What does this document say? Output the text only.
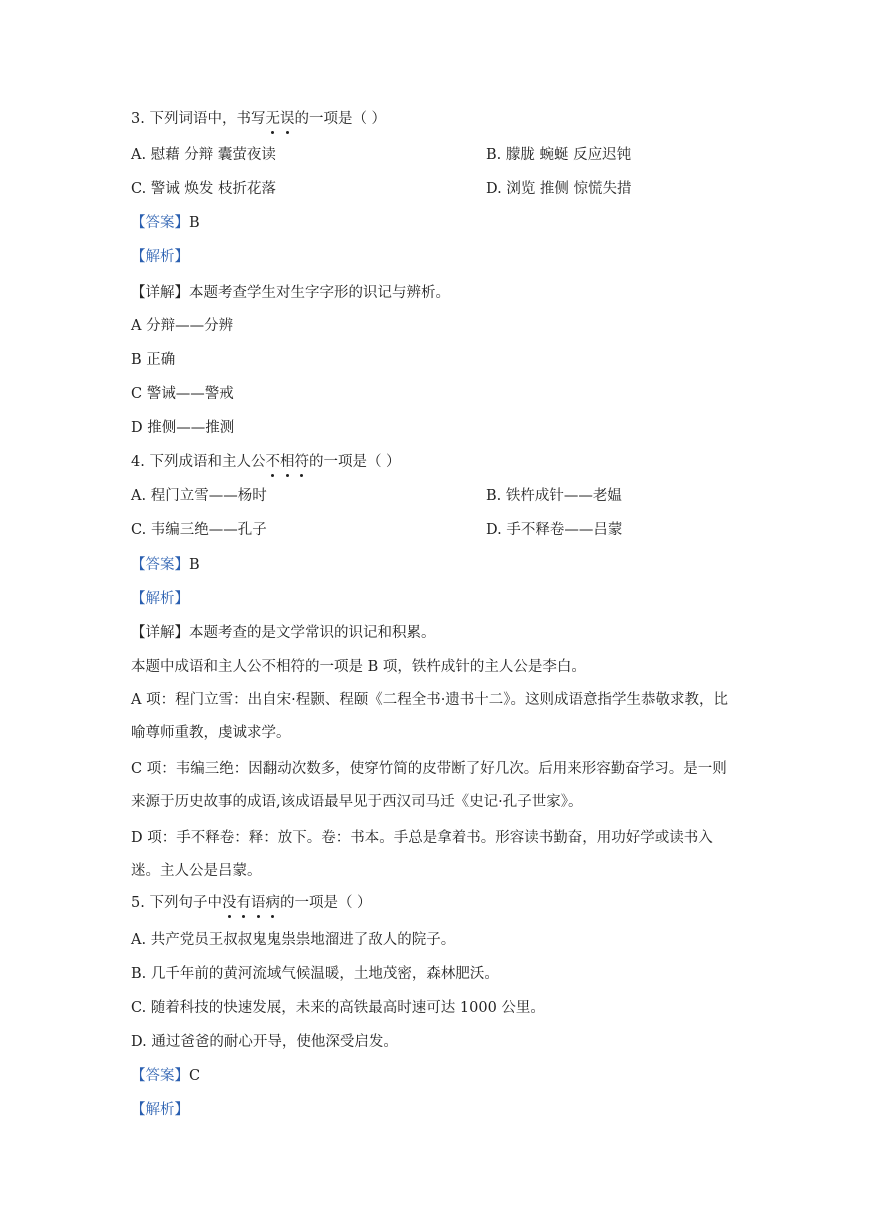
3. 下列词语中，书写无误的一项是（ ）
A. 慰藉 分辩 囊萤夜读	B. 朦胧 蜿蜒 反应迟钝
C. 警诫 焕发 枝折花落	D. 浏览 推侧 惊慌失措
【答案】B
【解析】
【详解】本题考查学生对生字字形的识记与辨析。
A 分辩——分辨
B 正确
C 警诫——警戒
D 推侧——推测
4. 下列成语和主人公不相符的一项是（ ）
A. 程门立雪——杨时	B. 铁杵成针——老媪
C. 韦编三绝——孔子	D. 手不释卷——吕蒙
【答案】B
【解析】
【详解】本题考查的是文学常识的识记和积累。
本题中成语和主人公不相符的一项是 B 项，铁杵成针的主人公是李白。
A 项：程门立雪：出自宋·程颢、程颐《二程全书·遗书十二》。这则成语意指学生恭敬求教，比喻尊师重教，虔诚求学。
C 项：韦编三绝：因翻动次数多，使穿竹简的皮带断了好几次。后用来形容勤奋学习。是一则来源于历史故事的成语,该成语最早见于西汉司马迁《史记·孔子世家》。
D 项：手不释卷：释：放下。卷：书本。手总是拿着书。形容读书勤奋，用功好学或读书入迷。主人公是吕蒙。
5. 下列句子中没有语病的一项是（ ）
A. 共产党员王叔叔鬼鬼祟祟地溜进了敌人的院子。
B. 几千年前的黄河流域气候温暖，土地茂密，森林肥沃。
C. 随着科技的快速发展，未来的高铁最高时速可达 1000 公里。
D. 通过爸爸的耐心开导，使他深受启发。
【答案】C
【解析】
